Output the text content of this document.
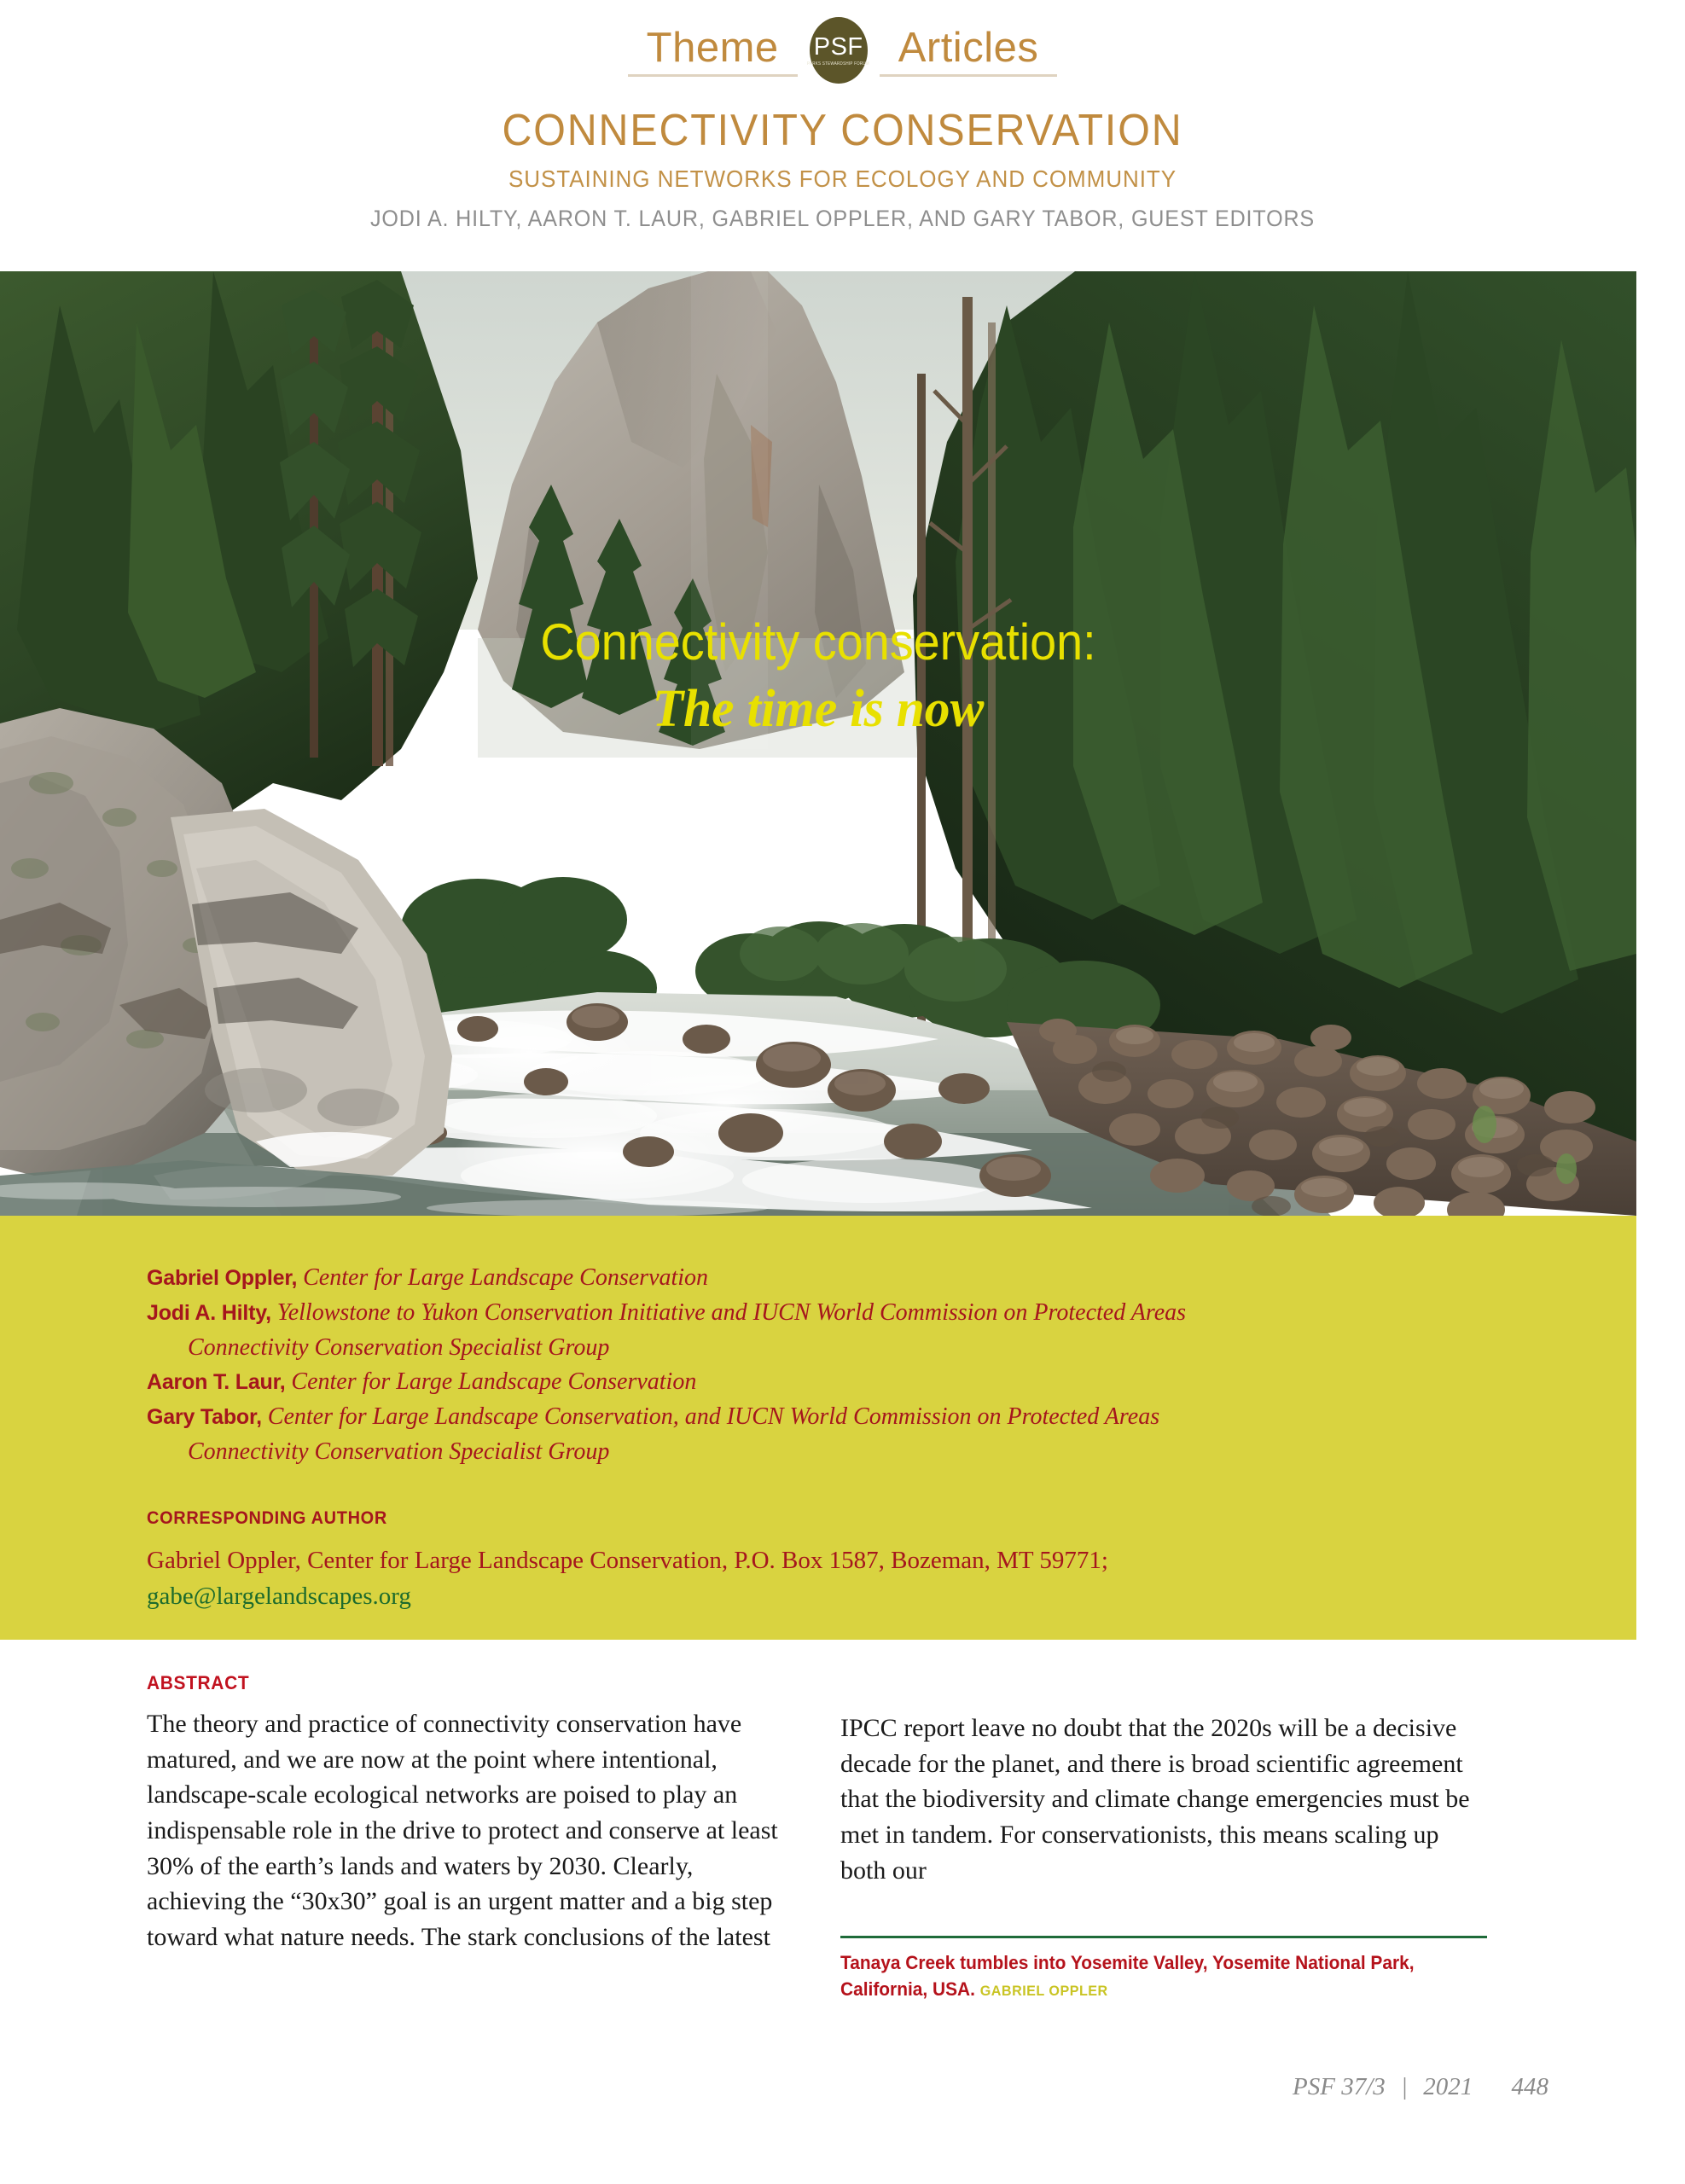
Theme	PSF
PARKS STEWARDSHIP FORUM Articles
CONNECTIVITY CONSERVATION
SUSTAINING NETWORKS FOR ECOLOGY AND COMMUNITY
JODI A. HILTY, AARON T. LAUR, GABRIEL OPPLER, AND GARY TABOR, GUEST EDITORS
Connectivity conservation:
The time is now
Gabriel Oppler, Center for Large Landscape Conservation
Jodi A. Hilty, Yellowstone to Yukon Conservation Initiative and IUCN World Commission on Protected Areas
Connectivity Conservation Specialist Group
Aaron T. Laur, Center for Large Landscape Conservation
Gary Tabor, Center for Large Landscape Conservation, and IUCN World Commission on Protected Areas
Connectivity Conservation Specialist Group
CORRESPONDING AUTHOR
Gabriel Oppler, Center for Large Landscape Conservation, P.O. Box 1587, Bozeman, MT 59771;
gabe@largelandscapes.org
ABSTRACT
The theory and practice of connectivity conservation have matured, and we are now at the point where intentional, landscape-scale ecological networks are poised to play an indispensable role in the drive to protect and conserve at least 30% of the earth’s lands and waters by 2030. Clearly, achieving the “30x30” goal is an urgent matter and a big step toward what nature needs. The stark conclusions of the latest
IPCC report leave no doubt that the 2020s will be a decisive decade for the planet, and there is broad scientific agreement that the biodiversity and climate change emergencies must be met in tandem. For conservationists, this means scaling up both our
Tanaya Creek tumbles into Yosemite Valley, Yosemite National Park, California, USA. GABRIEL OPPLER
PSF 37/3 | 2021 448
